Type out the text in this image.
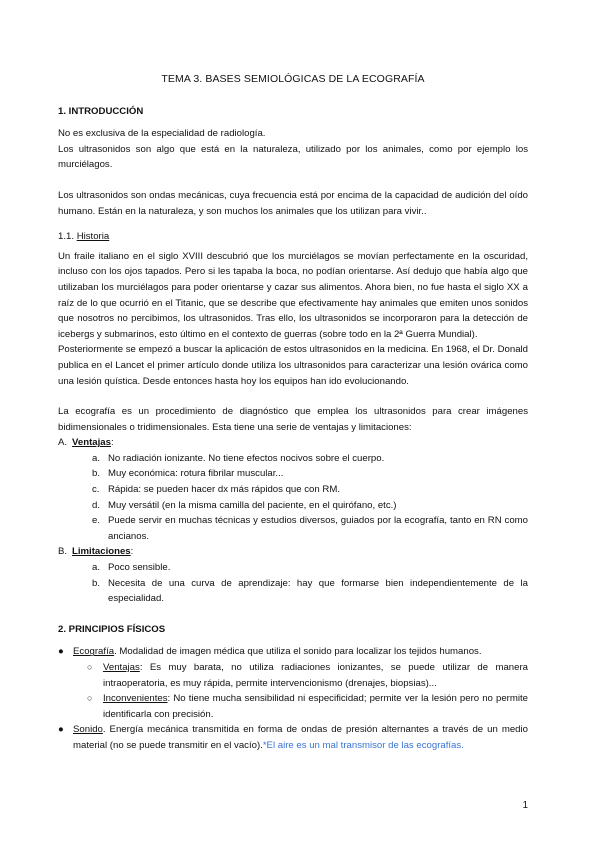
TEMA 3. BASES SEMIOLÓGICAS DE LA ECOGRAFÍA
1. INTRODUCCIÓN

No es exclusiva de la especialidad de radiología.

Los ultrasonidos son algo que está en la naturaleza, utilizado por los animales, como por ejemplo los murciélagos.

Los ultrasonidos son ondas mecánicas, cuya frecuencia está por encima de la capacidad de audición del oído humano. Están en la naturaleza, y son muchos los animales que los utilizan para vivir..

1.1. Historia

Un fraile italiano en el siglo XVIII descubrió que los murciélagos se movían perfectamente en la oscuridad, incluso con los ojos tapados. Pero si les tapaba la boca, no podían orientarse. Así dedujo que había algo que utilizaban los murciélagos para poder orientarse y cazar sus alimentos. Ahora bien, no fue hasta el siglo XX a raíz de lo que ocurrió en el Titanic, que se describe que efectivamente hay animales que emiten unos sonidos que nosotros no percibimos, los ultrasonidos. Tras ello, los ultrasonidos se incorporaron para la detección de icebergs y submarinos, esto último en el contexto de guerras (sobre todo en la 2ª Guerra Mundial).

Posteriormente se empezó a buscar la aplicación de estos ultrasonidos en la medicina. En 1968, el Dr. Donald publica en el Lancet el primer artículo donde utiliza los ultrasonidos para caracterizar una lesión ovárica como una lesión quística. Desde entonces hasta hoy los equipos han ido evolucionando.

La ecografía es un procedimiento de diagnóstico que emplea los ultrasonidos para crear imágenes bidimensionales o tridimensionales. Esta tiene una serie de ventajas y limitaciones:

A. Ventajas:
a. No radiación ionizante. No tiene efectos nocivos sobre el cuerpo.
b. Muy económica: rotura fibrilar muscular...
c. Rápida: se pueden hacer dx más rápidos que con RM.
d. Muy versátil (en la misma camilla del paciente, en el quirófano, etc.)
e. Puede servir en muchas técnicas y estudios diversos, guiados por la ecografía, tanto en RN como ancianos.
B. Limitaciones:
a. Poco sensible.
b. Necesita de una curva de aprendizaje: hay que formarse bien independientemente de la especialidad.
2. PRINCIPIOS FÍSICOS
● Ecografía. Modalidad de imagen médica que utiliza el sonido para localizar los tejidos humanos.
○ Ventajas: Es muy barata, no utiliza radiaciones ionizantes, se puede utilizar de manera intraoperatoria, es muy rápida, permite intervencionismo (drenajes, biopsias)...
○ Inconvenientes: No tiene mucha sensibilidad ni especificidad; permite ver la lesión pero no permite identificarla con precisión.
● Sonido. Energía mecánica transmitida en forma de ondas de presión alternantes a través de un medio material (no se puede transmitir en el vacío).*El aire es un mal transmisor de las ecografías.
1
